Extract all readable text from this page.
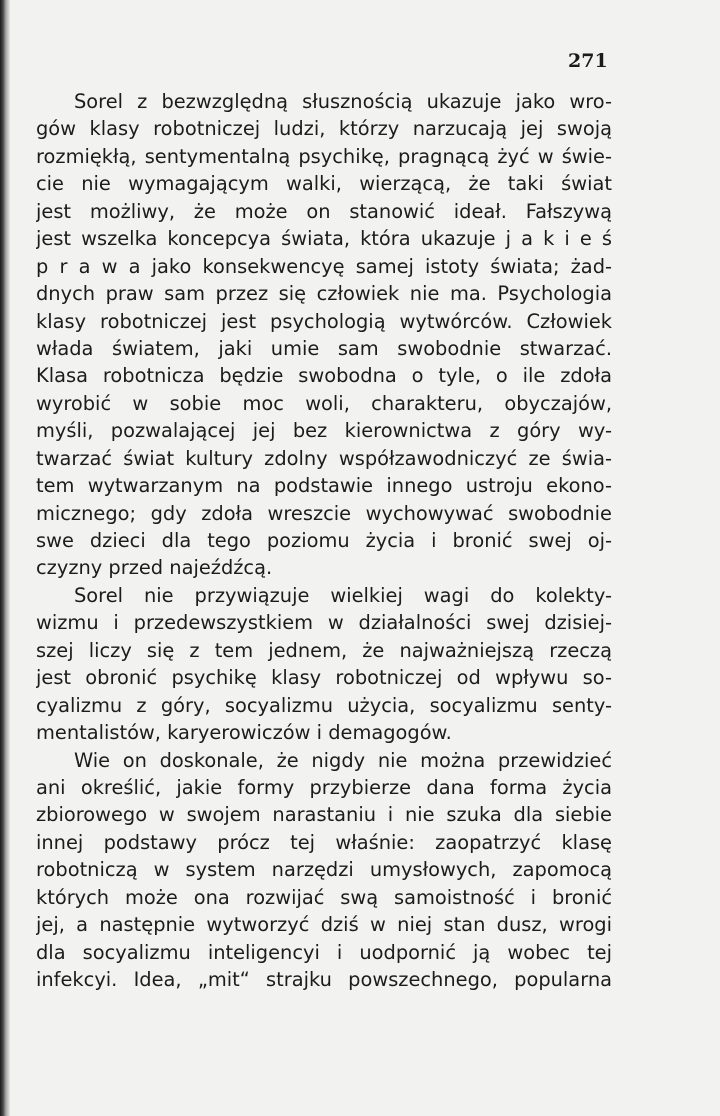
271
Sorel z bezwzględną słusznością ukazuje jako wro-
gów klasy robotniczej ludzi, którzy narzucają jej swoją
rozmiękłą, sentymentalną psychikę, pragnącą żyć w świe-
cie nie wymagającym walki, wierzącą, że taki świat
jest możliwy, że może on stanowić ideał. Fałszywą
jest wszelka koncepcya świata, która ukazuje j a k i e ś
p r a w a jako konsekwencyę samej istoty świata; żad-
dnych praw sam przez się człowiek nie ma. Psychologia
klasy robotniczej jest psychologią wytwórców. Człowiek
włada światem, jaki umie sam swobodnie stwarzać.
Klasa robotnicza będzie swobodna o tyle, o ile zdoła
wyrobić w sobie moc woli, charakteru, obyczajów,
myśli, pozwalającej jej bez kierownictwa z góry wy-
twarzać świat kultury zdolny współzawodniczyć ze świa-
tem wytwarzanym na podstawie innego ustroju ekono-
micznego; gdy zdoła wreszcie wychowywać swobodnie
swe dzieci dla tego poziomu życia i bronić swej oj-
czyzny przed najeźdźcą.
Sorel nie przywiązuje wielkiej wagi do kolekty-
wizmu i przedewszystkiem w działalności swej dzisiej-
szej liczy się z tem jednem, że najważniejszą rzeczą
jest obronić psychikę klasy robotniczej od wpływu so-
cyalizmu z góry, socyalizmu użycia, socyalizmu senty-
mentalistów, karyerowiczów i demagogów.
Wie on doskonale, że nigdy nie można przewidzieć
ani określić, jakie formy przybierze dana forma życia
zbiorowego w swojem narastaniu i nie szuka dla siebie
innej podstawy prócz tej właśnie: zaopatrzyć klasę
robotniczą w system narzędzi umysłowych, zapomocą
których może ona rozwijać swą samoistność i bronić
jej, a następnie wytworzyć dziś w niej stan dusz, wrogi
dla socyalizmu inteligencyi i uodpornić ją wobec tej
infekcyi. Idea, „mit“ strajku powszechnego, popularna
